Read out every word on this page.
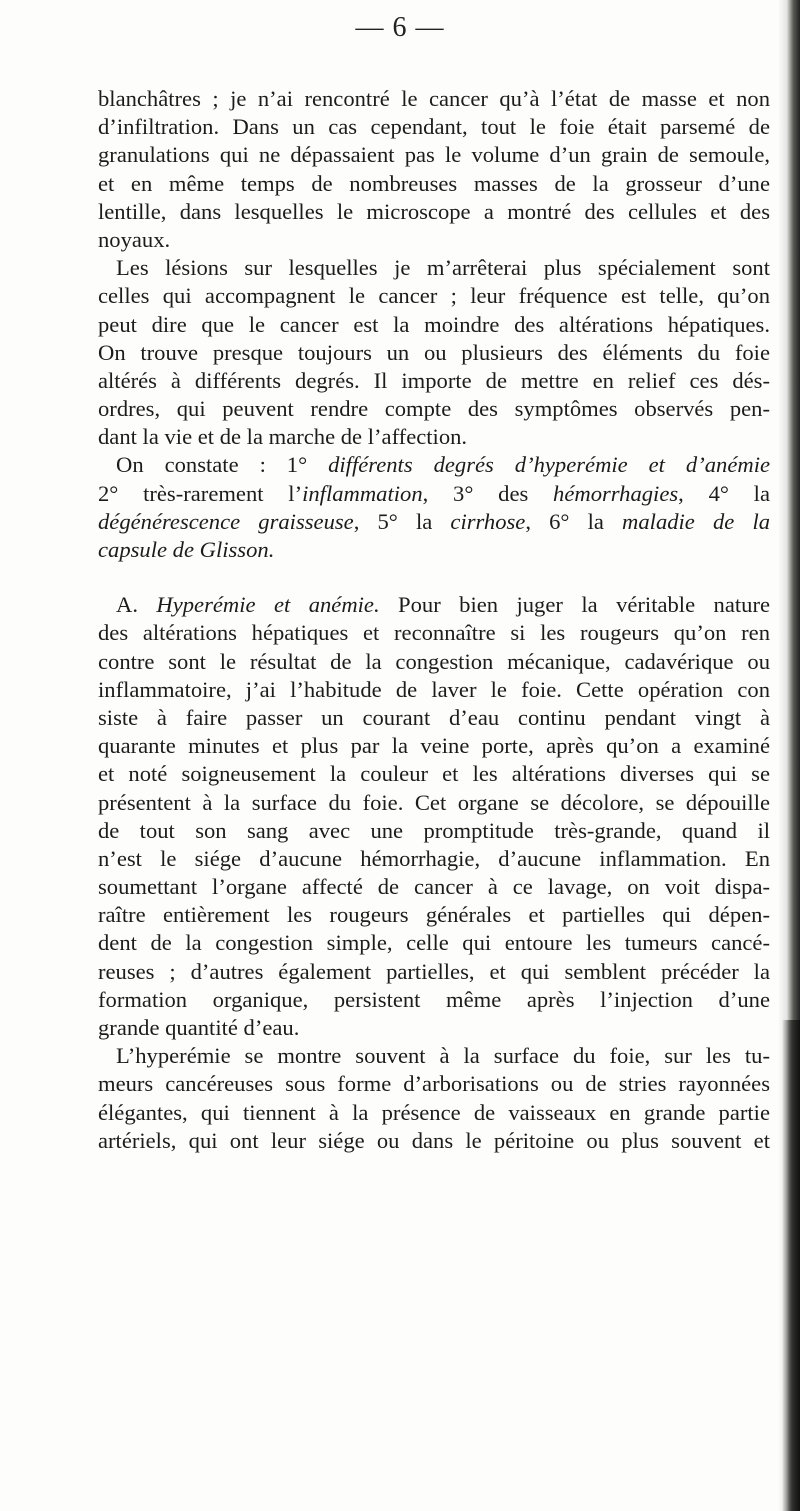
— 6 —
blanchâtres ; je n’ai rencontré le cancer qu’à l’état de masse et non
d’infiltration. Dans un cas cependant, tout le foie était parsemé de
granulations qui ne dépassaient pas le volume d’un grain de semoule,
et en même temps de nombreuses masses de la grosseur d’une
lentille, dans lesquelles le microscope a montré des cellules et des
noyaux.
Les lésions sur lesquelles je m’arrêterai plus spécialement sont
celles qui accompagnent le cancer ; leur fréquence est telle, qu’on
peut dire que le cancer est la moindre des altérations hépatiques.
On trouve presque toujours un ou plusieurs des éléments du foie
altérés à différents degrés. Il importe de mettre en relief ces dés-
ordres, qui peuvent rendre compte des symptômes observés pen-
dant la vie et de la marche de l’affection.
On constate : 1° différents degrés d’hyperémie et d’anémie
2° très-rarement l’inflammation, 3° des hémorrhagies, 4° la
dégénérescence graisseuse, 5° la cirrhose, 6° la maladie de la
capsule de Glisson.
A. Hyperémie et anémie. Pour bien juger la véritable nature
des altérations hépatiques et reconnaître si les rougeurs qu’on ren
contre sont le résultat de la congestion mécanique, cadavérique ou
inflammatoire, j’ai l’habitude de laver le foie. Cette opération con
siste à faire passer un courant d’eau continu pendant vingt à
quarante minutes et plus par la veine porte, après qu’on a examiné
et noté soigneusement la couleur et les altérations diverses qui se
présentent à la surface du foie. Cet organe se décolore, se dépouille
de tout son sang avec une promptitude très-grande, quand il
n’est le siége d’aucune hémorrhagie, d’aucune inflammation. En
soumettant l’organe affecté de cancer à ce lavage, on voit dispa-
raître entièrement les rougeurs générales et partielles qui dépen-
dent de la congestion simple, celle qui entoure les tumeurs cancé-
reuses ; d’autres également partielles, et qui semblent précéder la
formation organique, persistent même après l’injection d’une
grande quantité d’eau.
L’hyperémie se montre souvent à la surface du foie, sur les tu-
meurs cancéreuses sous forme d’arborisations ou de stries rayonnées
élégantes, qui tiennent à la présence de vaisseaux en grande partie
artériels, qui ont leur siége ou dans le péritoine ou plus souvent et
